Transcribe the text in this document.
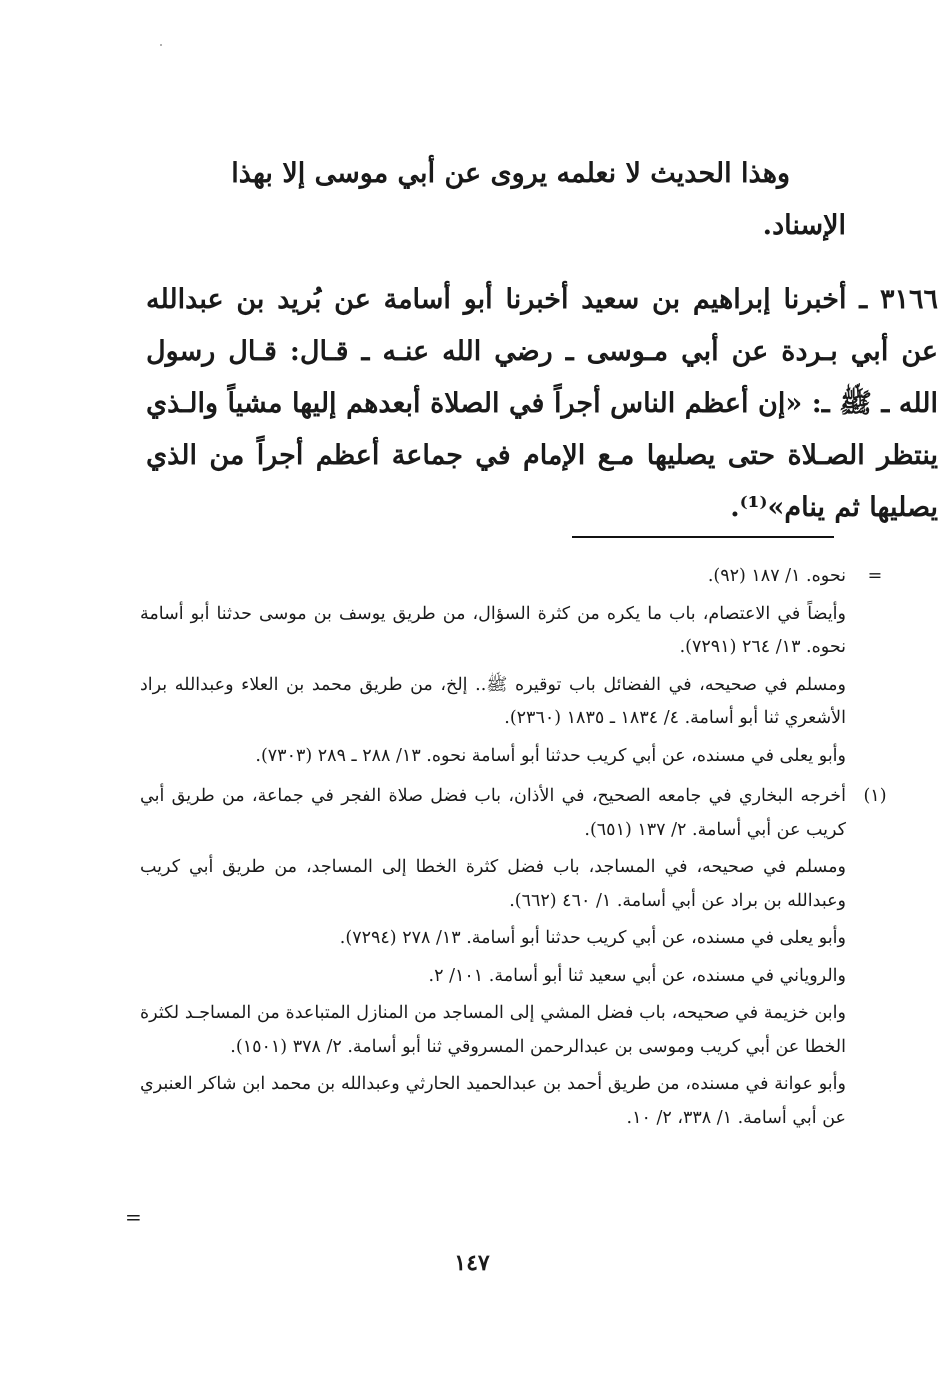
وهذا الحديث لا نعلمه يروى عن أبي موسى إلا بهذا
الإسناد.

٣١٦٦ ـ أخبرنا إبراهيم بن سعيد أخبرنا أبو أسامة عن بُريد بن عبدالله عن أبي بـردة عن أبي مـوسى ـ رضي الله عنـه ـ قـال: قـال رسول الله ـ ﷺ ـ: «إن أعظم الناس أجراً في الصلاة أبعدهم إليها مشياً والـذي ينتظر الصـلاة حتى يصليها مـع الإمام في جماعة أعظم أجراً من الذي يصليها ثم ينام»⁽¹⁾.

=

نحوه. ١/ ١٨٧ (٩٢).

وأيضاً في الاعتصام، باب ما يكره من كثرة السؤال، من طريق يوسف بن موسى حدثنا أبو أسامة نحوه. ١٣/ ٢٦٤ (٧٢٩١).

ومسلم في صحيحه، في الفضائل باب توقيره ﷺ.. إلخ، من طريق محمد بن العلاء وعبدالله براد الأشعري ثنا أبو أسامة. ٤/ ١٨٣٤ ـ ١٨٣٥ (٢٣٦٠).

وأبو يعلى في مسنده، عن أبي كريب حدثنا أبو أسامة نحوه. ١٣/ ٢٨٨ ـ ٢٨٩ (٧٣٠٣).

(١)

أخرجه البخاري في جامعه الصحيح، في الأذان، باب فضل صلاة الفجر في جماعة، من طريق أبي كريب عن أبي أسامة. ٢/ ١٣٧ (٦٥١).

ومسلم في صحيحه، في المساجد، باب فضل كثرة الخطا إلى المساجد، من طريق أبي كريب وعبدالله بن براد عن أبي أسامة. ١/ ٤٦٠ (٦٦٢).

وأبو يعلى في مسنده، عن أبي كريب حدثنا أبو أسامة. ١٣/ ٢٧٨ (٧٢٩٤).

والروياني في مسنده، عن أبي سعيد ثنا أبو أسامة. ١٠١/ ٢.

وابن خزيمة في صحيحه، باب فضل المشي إلى المساجد من المنازل المتباعدة من المساجـد لكثرة الخطا عن أبي كريب وموسى بن عبدالرحمن المسروقي ثنا أبو أسامة. ٢/ ٣٧٨ (١٥٠١).

وأبو عوانة في مسنده، من طريق أحمد بن عبدالحميد الحارثي وعبدالله بن محمد ابن شاكر العنبري عن أبي أسامة. ١/ ٣٣٨، ٢/ ١٠.

=
١٤٧
